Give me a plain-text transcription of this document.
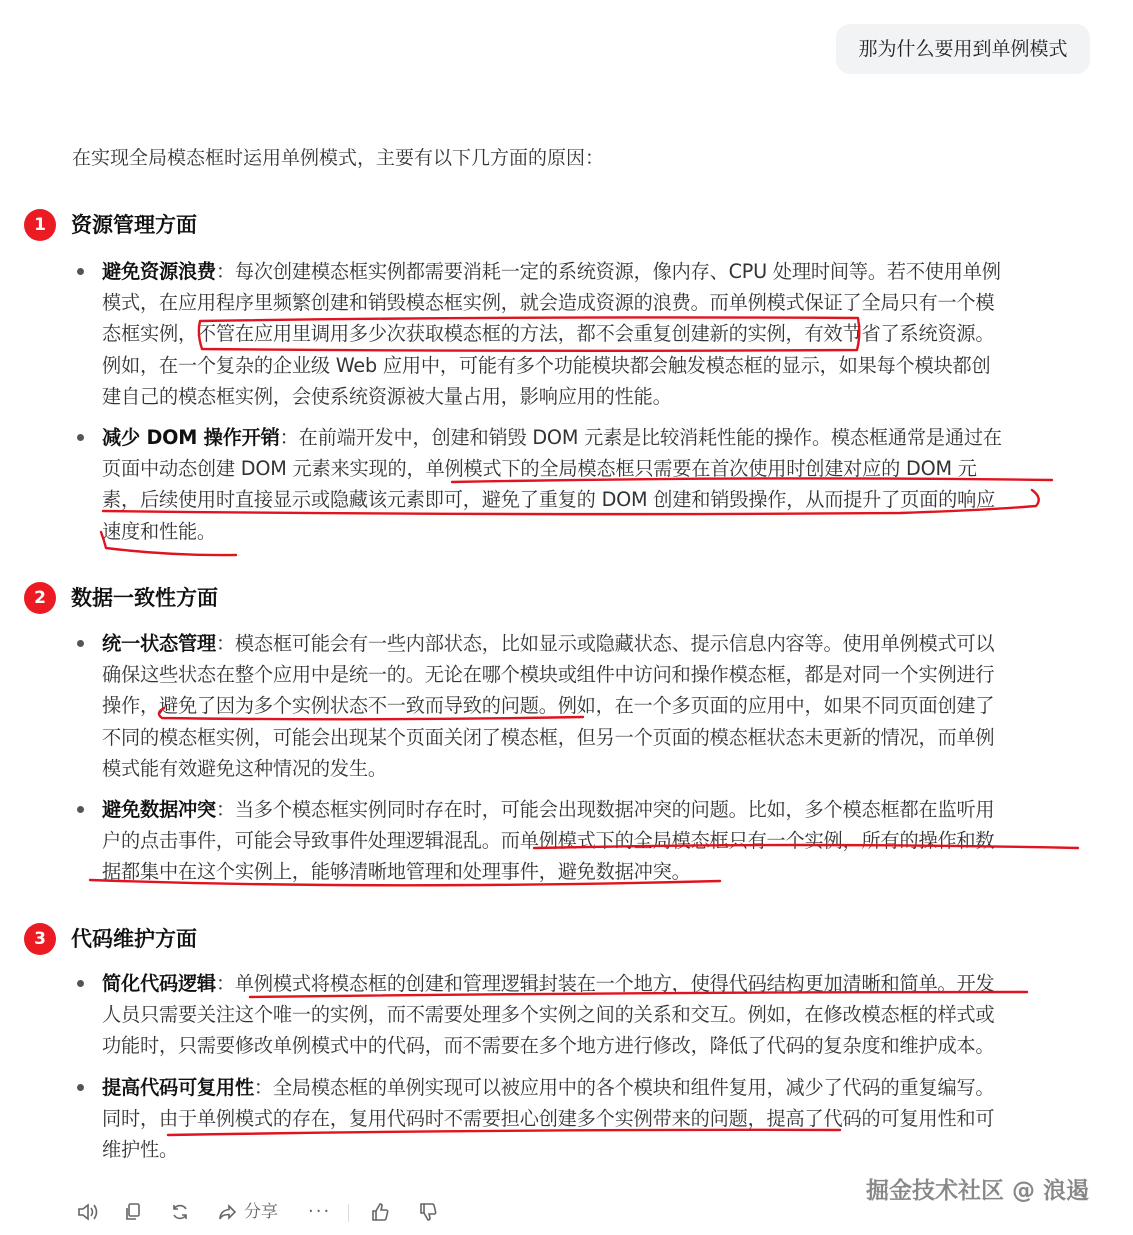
那为什么要用到单例模式
在实现全局模态框时运用单例模式，主要有以下几方面的原因：
1	资源管理方面
避免资源浪费：每次创建模态框实例都需要消耗一定的系统资源，像内存、CPU 处理时间等。若不使用单例
模式，在应用程序里频繁创建和销毁模态框实例，就会造成资源的浪费。而单例模式保证了全局只有一个模
态框实例，不管在应用里调用多少次获取模态框的方法，都不会重复创建新的实例，有效节省了系统资源。
例如，在一个复杂的企业级 Web 应用中，可能有多个功能模块都会触发模态框的显示，如果每个模块都创
建自己的模态框实例，会使系统资源被大量占用，影响应用的性能。
减少 DOM 操作开销：在前端开发中，创建和销毁 DOM 元素是比较消耗性能的操作。模态框通常是通过在
页面中动态创建 DOM 元素来实现的，单例模式下的全局模态框只需要在首次使用时创建对应的 DOM 元
素，后续使用时直接显示或隐藏该元素即可，避免了重复的 DOM 创建和销毁操作，从而提升了页面的响应
速度和性能。
2	数据一致性方面
统一状态管理：模态框可能会有一些内部状态，比如显示或隐藏状态、提示信息内容等。使用单例模式可以
确保这些状态在整个应用中是统一的。无论在哪个模块或组件中访问和操作模态框，都是对同一个实例进行
操作，避免了因为多个实例状态不一致而导致的问题。例如，在一个多页面的应用中，如果不同页面创建了
不同的模态框实例，可能会出现某个页面关闭了模态框，但另一个页面的模态框状态未更新的情况，而单例
模式能有效避免这种情况的发生。
避免数据冲突：当多个模态框实例同时存在时，可能会出现数据冲突的问题。比如，多个模态框都在监听用
户的点击事件，可能会导致事件处理逻辑混乱。而单例模式下的全局模态框只有一个实例，所有的操作和数
据都集中在这个实例上，能够清晰地管理和处理事件，避免数据冲突。
3	代码维护方面
简化代码逻辑：单例模式将模态框的创建和管理逻辑封装在一个地方，使得代码结构更加清晰和简单。开发
人员只需要关注这个唯一的实例，而不需要处理多个实例之间的关系和交互。例如，在修改模态框的样式或
功能时，只需要修改单例模式中的代码，而不需要在多个地方进行修改，降低了代码的复杂度和维护成本。
提高代码可复用性：全局模态框的单例实现可以被应用中的各个模块和组件复用，减少了代码的重复编写。
同时，由于单例模式的存在，复用代码时不需要担心创建多个实例带来的问题，提高了代码的可复用性和可
维护性。
分享 ···
掘金技术社区 @ 浪遏
